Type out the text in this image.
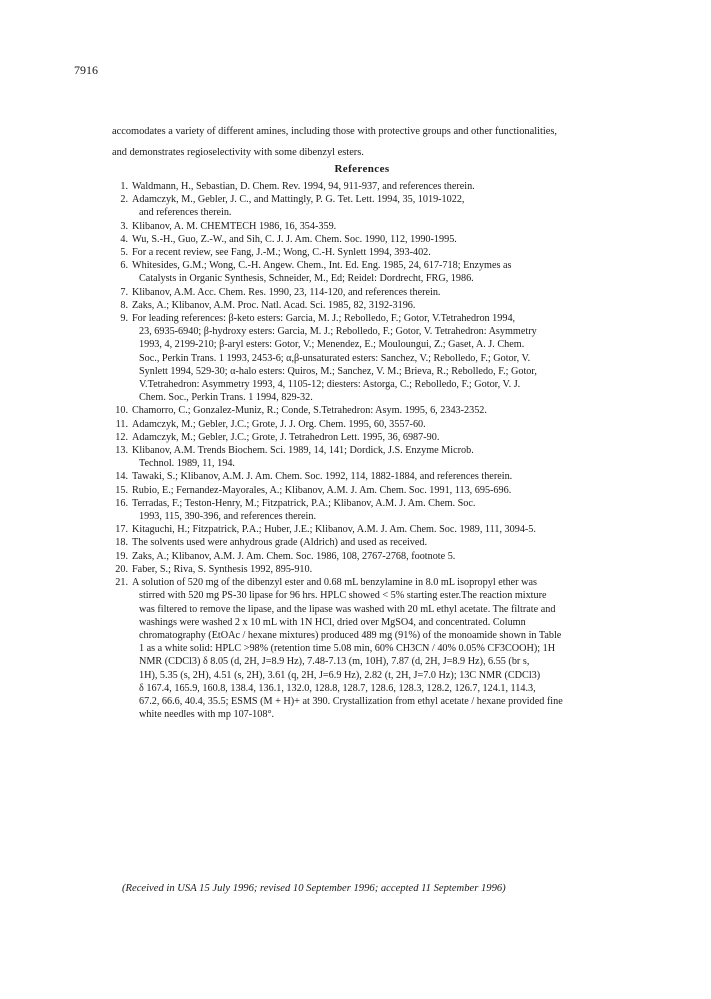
7916

accomodates a variety of different amines, including those with protective groups and other functionalities,

and demonstrates regioselectivity with some dibenzyl esters.

References
1. Waldmann, H., Sebastian, D. Chem. Rev. 1994, 94, 911-937, and references therein.
2. Adamczyk, M., Gebler, J. C., and Mattingly, P. G. Tet. Lett. 1994, 35, 1019-1022,
and references therein.
3. Klibanov, A. M. CHEMTECH 1986, 16, 354-359.
4. Wu, S.-H., Guo, Z.-W., and Sih, C. J. J. Am. Chem. Soc. 1990, 112, 1990-1995.
5. For a recent review, see Fang, J.-M.; Wong, C.-H. Synlett 1994, 393-402.
6. Whitesides, G.M.; Wong, C.-H. Angew. Chem., Int. Ed. Eng. 1985, 24, 617-718; Enzymes as
Catalysts in Organic Synthesis, Schneider, M., Ed; Reidel: Dordrecht, FRG, 1986.
7. Klibanov, A.M. Acc. Chem. Res. 1990, 23, 114-120, and references therein.
8. Zaks, A.; Klibanov, A.M. Proc. Natl. Acad. Sci. 1985, 82, 3192-3196.
9. For leading references: β-keto esters: Garcia, M. J.; Rebolledo, F.; Gotor, V.Tetrahedron 1994,
23, 6935-6940; β-hydroxy esters: Garcia, M. J.; Rebolledo, F.; Gotor, V. Tetrahedron: Asymmetry
1993, 4, 2199-210; β-aryl esters: Gotor, V.; Menendez, E.; Mouloungui, Z.; Gaset, A. J. Chem.
Soc., Perkin Trans. 1 1993, 2453-6; α,β-unsaturated esters: Sanchez, V.; Rebolledo, F.; Gotor, V.
Synlett 1994, 529-30; α-halo esters: Quiros, M.; Sanchez, V. M.; Brieva, R.; Rebolledo, F.; Gotor,
V.Tetrahedron: Asymmetry 1993, 4, 1105-12; diesters: Astorga, C.; Rebolledo, F.; Gotor, V. J.
Chem. Soc., Perkin Trans. 1 1994, 829-32.
10. Chamorro, C.; Gonzalez-Muniz, R.; Conde, S.Tetrahedron: Asym. 1995, 6, 2343-2352.
11. Adamczyk, M.; Gebler, J.C.; Grote, J. J. Org. Chem. 1995, 60, 3557-60.
12. Adamczyk, M.; Gebler, J.C.; Grote, J. Tetrahedron Lett. 1995, 36, 6987-90.
13. Klibanov, A.M. Trends Biochem. Sci. 1989, 14, 141; Dordick, J.S. Enzyme Microb.
Technol. 1989, 11, 194.
14. Tawaki, S.; Klibanov, A.M. J. Am. Chem. Soc. 1992, 114, 1882-1884, and references therein.
15. Rubio, E.; Fernandez-Mayorales, A.; Klibanov, A.M. J. Am. Chem. Soc. 1991, 113, 695-696.
16. Terradas, F.; Teston-Henry, M.; Fitzpatrick, P.A.; Klibanov, A.M. J. Am. Chem. Soc.
1993, 115, 390-396, and references therein.
17. Kitaguchi, H.; Fitzpatrick, P.A.; Huber, J.E.; Klibanov, A.M. J. Am. Chem. Soc. 1989, 111, 3094-5.
18. The solvents used were anhydrous grade (Aldrich) and used as received.
19. Zaks, A.; Klibanov, A.M. J. Am. Chem. Soc. 1986, 108, 2767-2768, footnote 5.
20. Faber, S.; Riva, S. Synthesis 1992, 895-910.
21. A solution of 520 mg of the dibenzyl ester and 0.68 mL benzylamine in 8.0 mL isopropyl ether was
stirred with 520 mg PS-30 lipase for 96 hrs. HPLC showed < 5% starting ester.The reaction mixture
was filtered to remove the lipase, and the lipase was washed with 20 mL ethyl acetate. The filtrate and
washings were washed 2 x 10 mL with 1N HCl, dried over MgSO4, and concentrated. Column
chromatography (EtOAc / hexane mixtures) produced 489 mg (91%) of the monoamide shown in Table
1 as a white solid: HPLC >98% (retention time 5.08 min, 60% CH3CN / 40% 0.05% CF3COOH); 1H
NMR (CDCl3) δ 8.05 (d, 2H, J=8.9 Hz), 7.48-7.13 (m, 10H), 7.87 (d, 2H, J=8.9 Hz), 6.55 (br s,
1H), 5.35 (s, 2H), 4.51 (s, 2H), 3.61 (q, 2H, J=6.9 Hz), 2.82 (t, 2H, J=7.0 Hz); 13C NMR (CDCl3)
δ 167.4, 165.9, 160.8, 138.4, 136.1, 132.0, 128.8, 128.7, 128.6, 128.3, 128.2, 126.7, 124.1, 114.3,
67.2, 66.6, 40.4, 35.5; ESMS (M + H)+ at 390. Crystallization from ethyl acetate / hexane provided fine
white needles with mp 107-108°.
(Received in USA 15 July 1996; revised 10 September 1996; accepted 11 September 1996)
